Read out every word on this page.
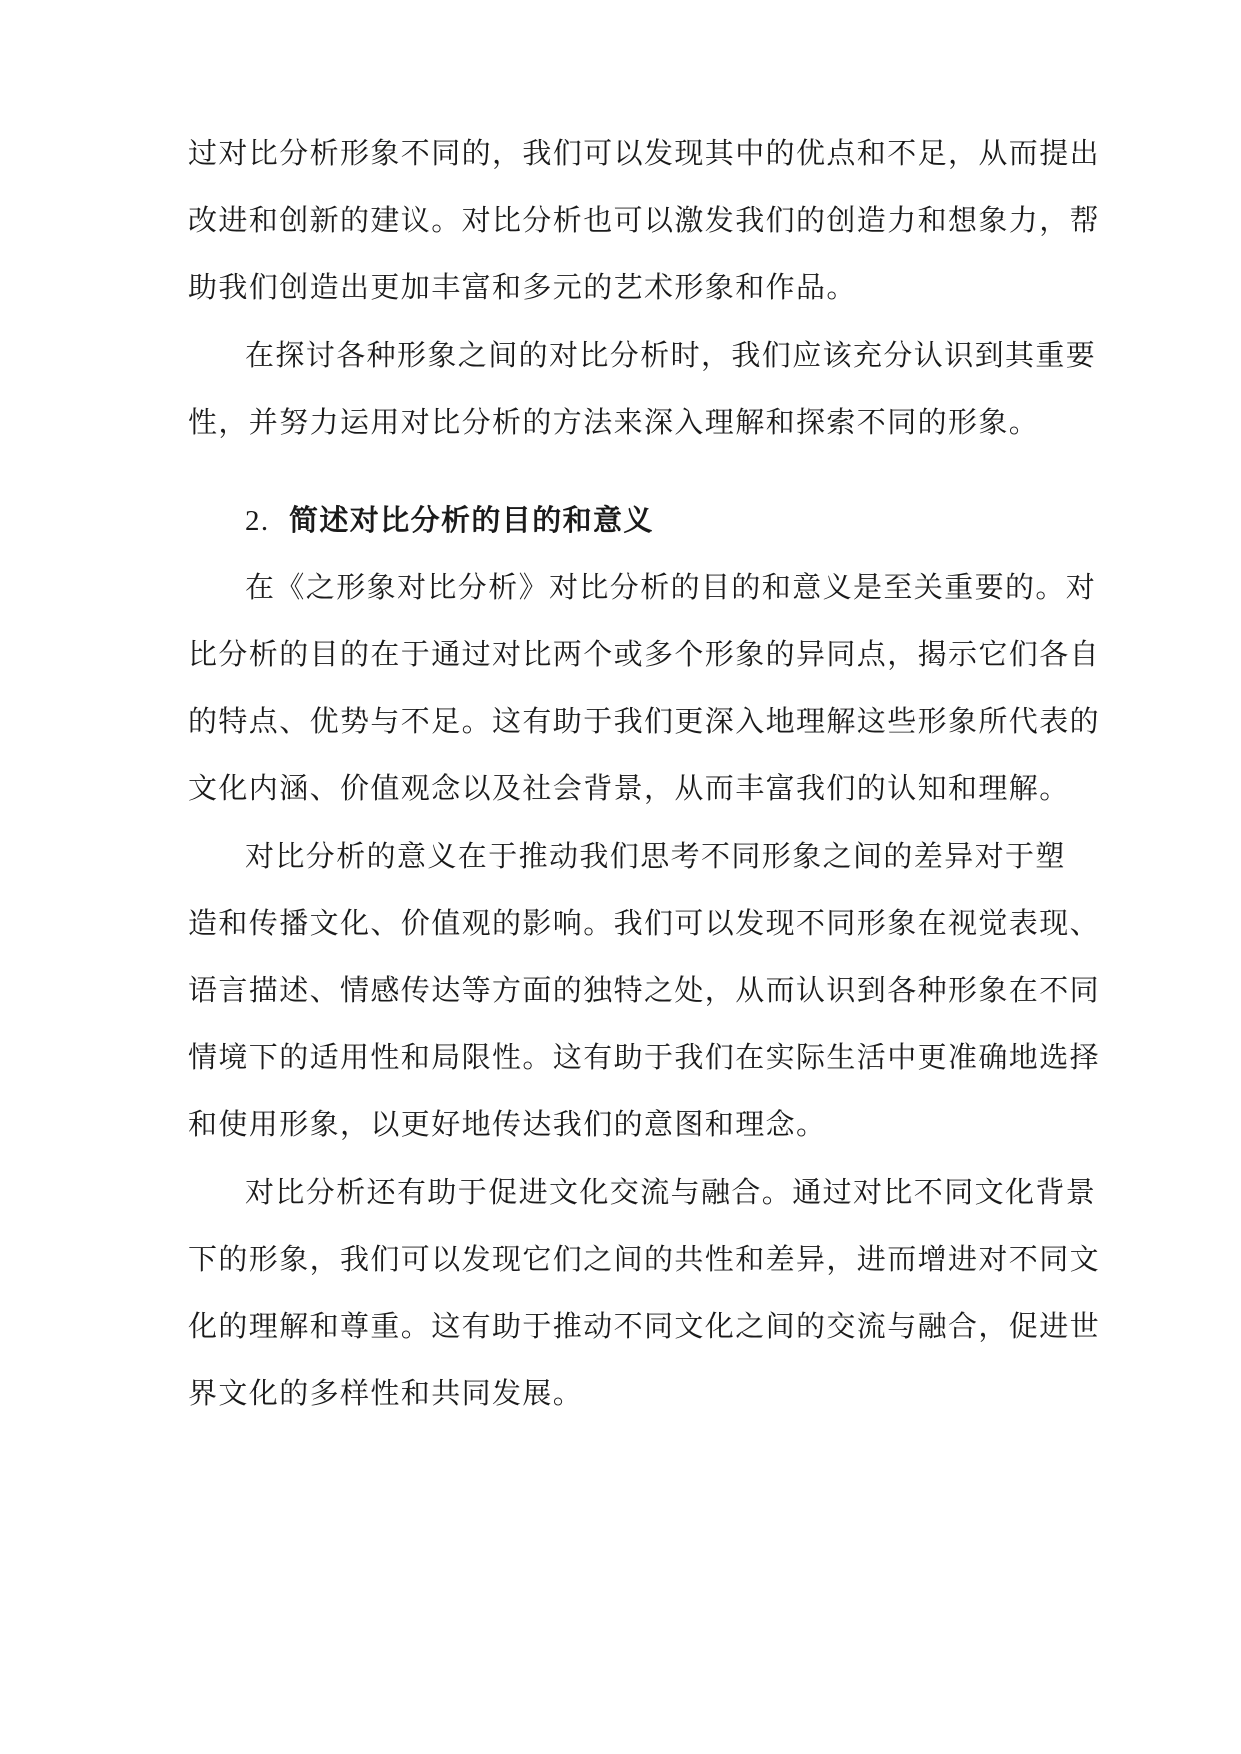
过对比分析形象不同的，我们可以发现其中的优点和不足，从而提出

改进和创新的建议。对比分析也可以激发我们的创造力和想象力，帮

助我们创造出更加丰富和多元的艺术形象和作品。

在探讨各种形象之间的对比分析时，我们应该充分认识到其重要

性，并努力运用对比分析的方法来深入理解和探索不同的形象。

2. 简述对比分析的目的和意义

在《之形象对比分析》对比分析的目的和意义是至关重要的。对

比分析的目的在于通过对比两个或多个形象的异同点，揭示它们各自

的特点、优势与不足。这有助于我们更深入地理解这些形象所代表的

文化内涵、价值观念以及社会背景，从而丰富我们的认知和理解。

对比分析的意义在于推动我们思考不同形象之间的差异对于塑

造和传播文化、价值观的影响。我们可以发现不同形象在视觉表现、

语言描述、情感传达等方面的独特之处，从而认识到各种形象在不同

情境下的适用性和局限性。这有助于我们在实际生活中更准确地选择

和使用形象，以更好地传达我们的意图和理念。

对比分析还有助于促进文化交流与融合。通过对比不同文化背景

下的形象，我们可以发现它们之间的共性和差异，进而增进对不同文

化的理解和尊重。这有助于推动不同文化之间的交流与融合，促进世

界文化的多样性和共同发展。
